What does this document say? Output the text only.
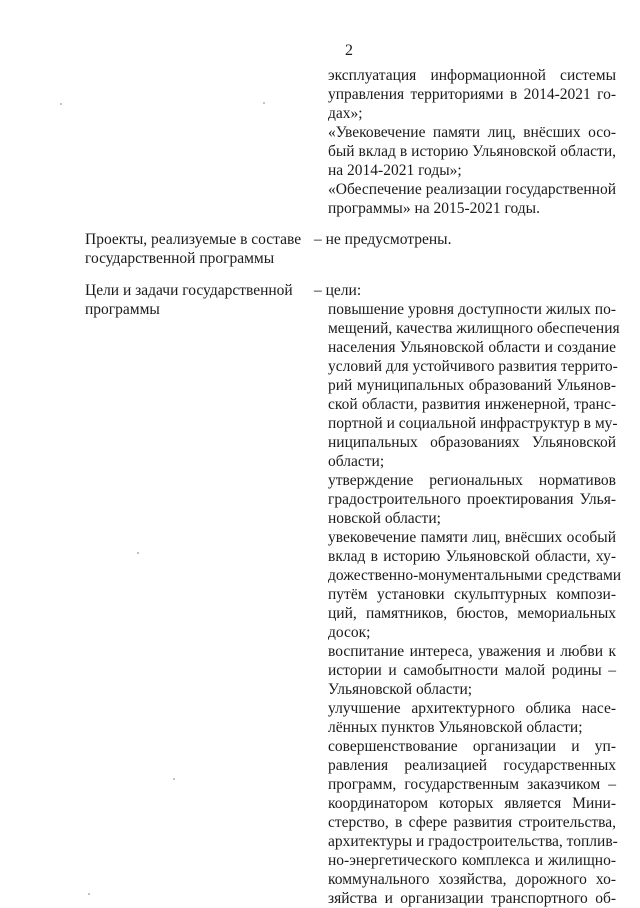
2
эксплуатация информационной системы
управления территориями в 2014-2021 го-
дах»;
«Увековечение памяти лиц, внёсших осо-
бый вклад в историю Ульяновской области,
на 2014-2021 годы»;
«Обеспечение реализации государственной
программы» на 2015-2021 годы.
Проекты, реализуемые в составе
государственной программы
– не предусмотрены.
Цели и задачи государственной
программы
– цели:
повышение уровня доступности жилых по-
мещений, качества жилищного обеспечения
населения Ульяновской области и создание
условий для устойчивого развития террито-
рий муниципальных образований Ульянов-
ской области, развития инженерной, транс-
портной и социальной инфраструктур в му-
ниципальных образованиях Ульяновской
области;
утверждение региональных нормативов
градостроительного проектирования Улья-
новской области;
увековечение памяти лиц, внёсших особый
вклад в историю Ульяновской области, ху-
дожественно-монументальными средствами
путём установки скульптурных компози-
ций, памятников, бюстов, мемориальных
досок;
воспитание интереса, уважения и любви к
истории и самобытности малой родины –
Ульяновской области;
улучшение архитектурного облика насе-
лённых пунктов Ульяновской области;
совершенствование организации и уп-
равления реализацией государственных
программ, государственным заказчиком –
координатором которых является Мини-
стерство, в сфере развития строительства,
архитектуры и градостроительства, топлив-
но-энергетического комплекса и жилищно-
коммунального хозяйства, дорожного хо-
зяйства и организации транспортного об-
